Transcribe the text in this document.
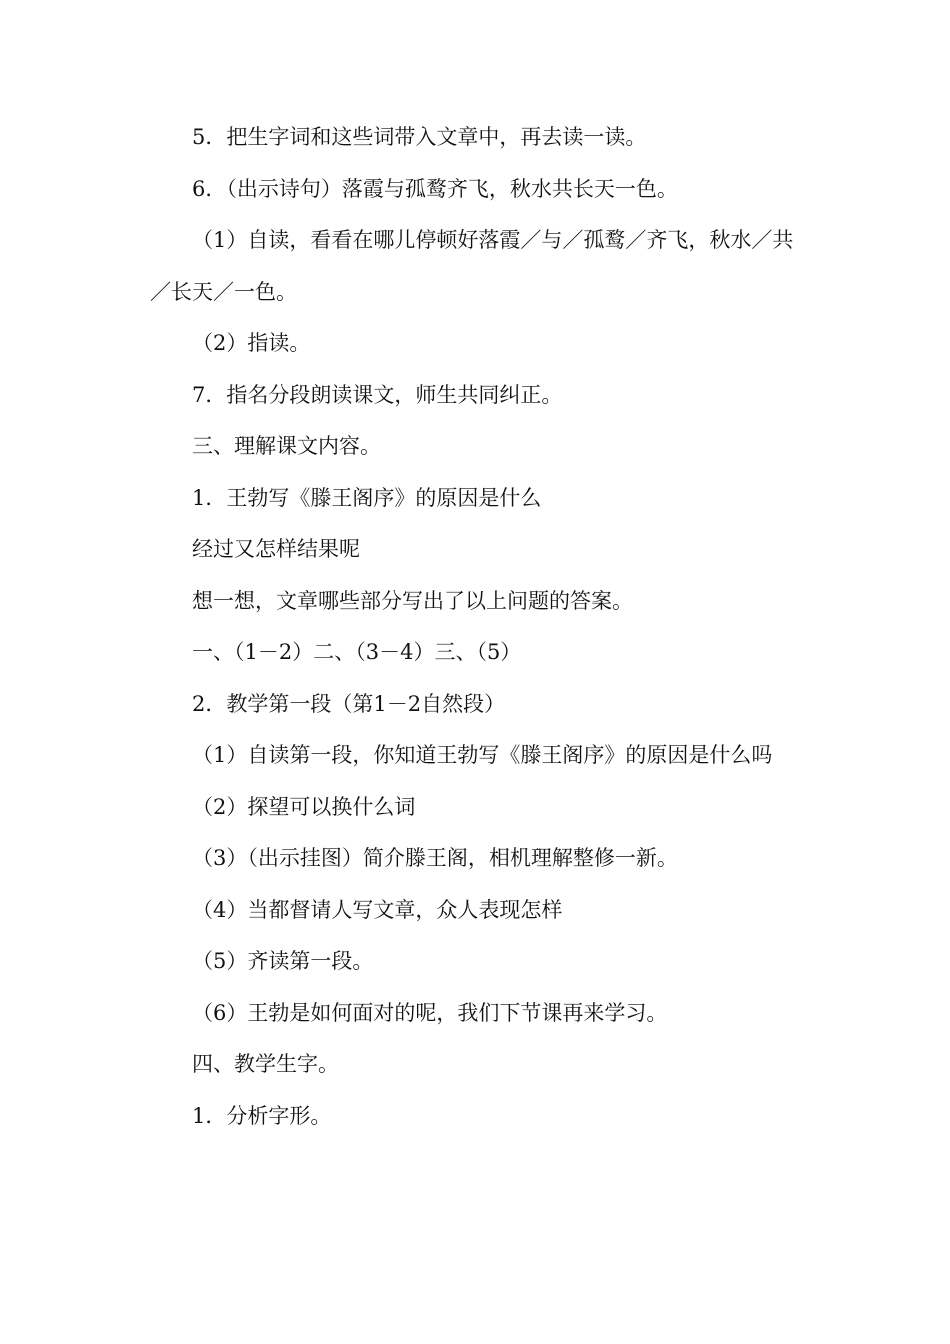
5．把生字词和这些词带入文章中，再去读一读。

6．（出示诗句）落霞与孤鹜齐飞，秋水共长天一色。

（1）自读，看看在哪儿停顿好落霞／与／孤鹜／齐飞，秋水／共／长天／一色。

（2）指读。

7．指名分段朗读课文，师生共同纠正。

三、理解课文内容。

1．王勃写《滕王阁序》的原因是什么

经过又怎样结果呢

想一想，文章哪些部分写出了以上问题的答案。

一、（1－2）二、（3－4）三、（5）

2．教学第一段（第1－2自然段）

（1）自读第一段，你知道王勃写《滕王阁序》的原因是什么吗

（2）探望可以换什么词

（3）（出示挂图）简介滕王阁，相机理解整修一新。

（4）当都督请人写文章，众人表现怎样

（5）齐读第一段。

（6）王勃是如何面对的呢，我们下节课再来学习。

四、教学生字。

1．分析字形。
